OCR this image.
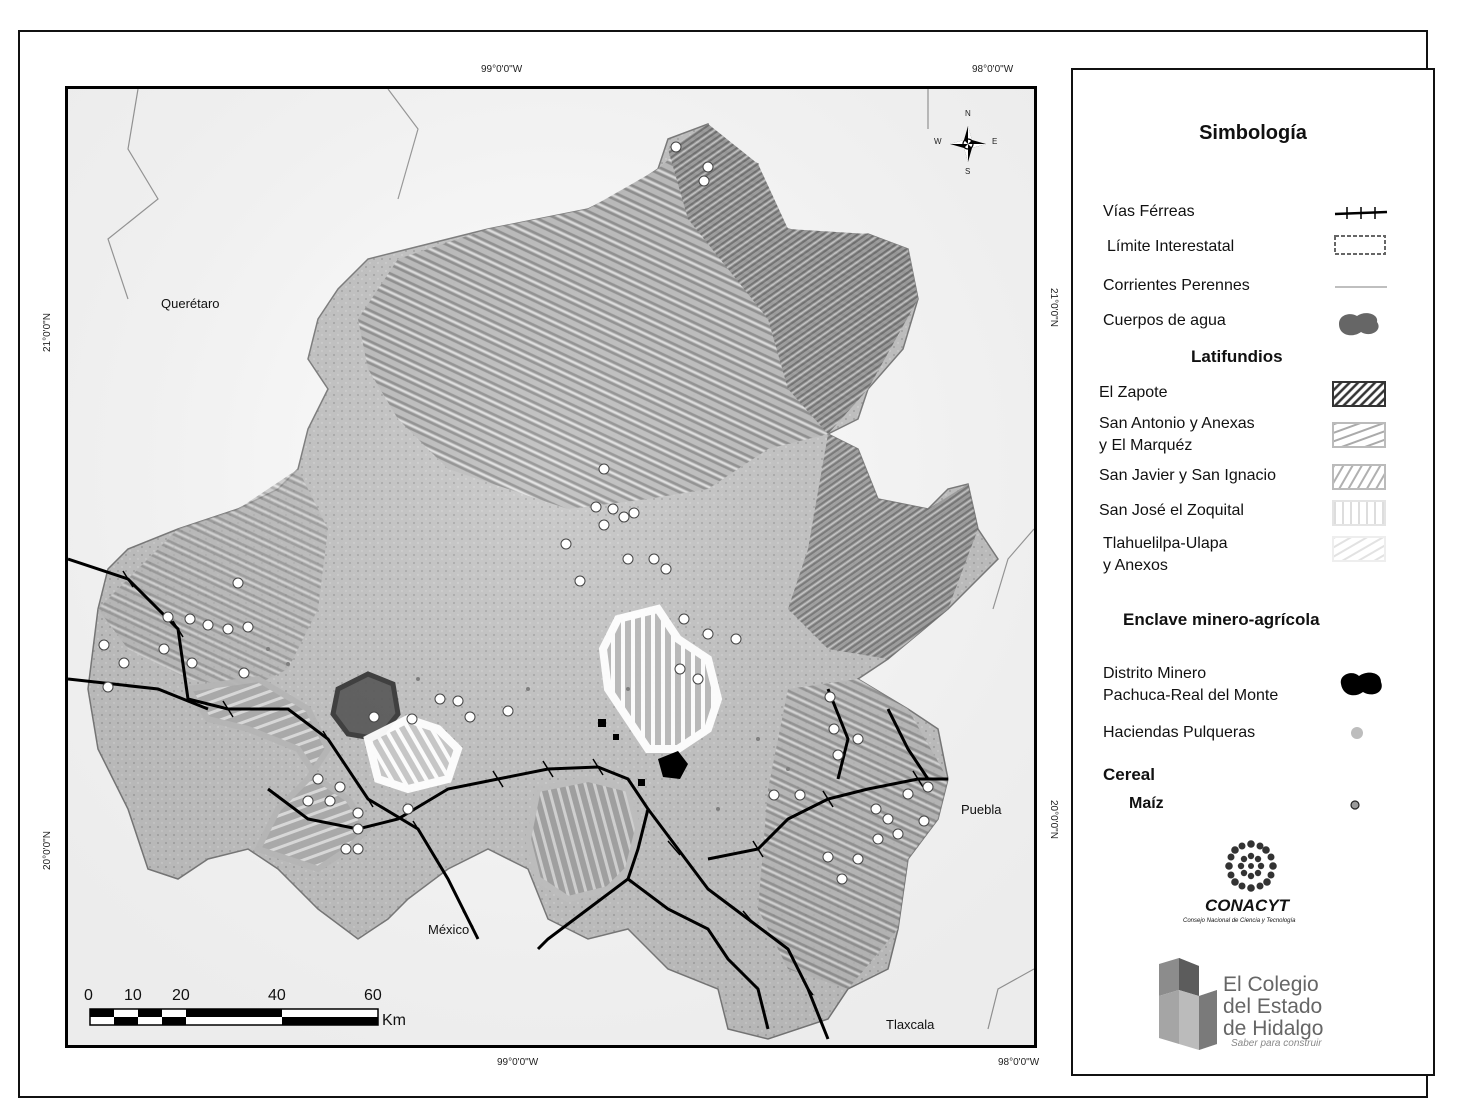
99°0'0"W	98°0'0"W
99°0'0"W	98°0'0"W
21°0'0"N
20°0'0"N
21°0'0"N
20°0'0"N
N
S
E
W
Querétaro
Puebla
México
Tlaxcala
0 10 20	40	60
Km
Simbología
Vías Férreas
Límite Interestatal
Corrientes Perennes
Cuerpos de agua
Latifundios
El Zapote
San Antonio y Anexas
y El Marquéz
San Javier y San Ignacio
San José el Zoquital
Tlahuelilpa-Ulapa
y Anexos
Enclave minero-agrícola
Distrito Minero
Pachuca-Real del Monte
Haciendas Pulqueras
Cereal
Maíz
CONACYT
Consejo Nacional de Ciencia y Tecnología
El Colegio
del Estado
de Hidalgo
Saber para construir
